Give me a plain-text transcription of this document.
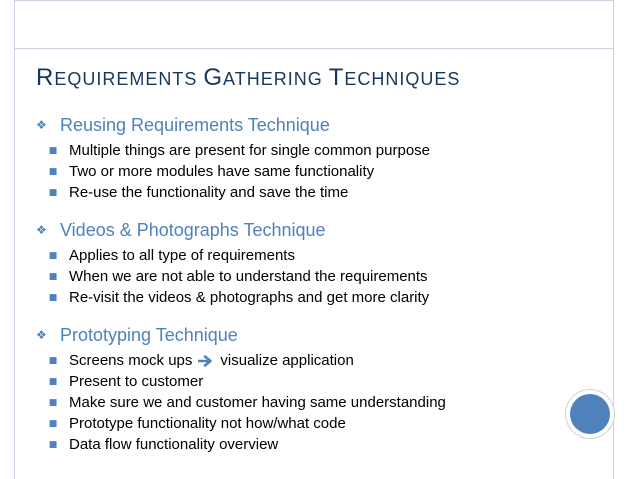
REQUIREMENTS GATHERING TECHNIQUES
❖ Reusing Requirements Technique
■ Multiple things are present for single common purpose
■ Two or more modules have same functionality
■ Re-use the functionality and save the time
❖ Videos & Photographs Technique
■ Applies to all type of requirements
■ When we are not able to understand the requirements
■ Re-visit the videos & photographs and get more clarity
❖ Prototyping Technique
■ Screens mock ups visualize application
■ Present to customer
■ Make sure we and customer having same understanding
■ Prototype functionality not how/what code
■ Data flow functionality overview
